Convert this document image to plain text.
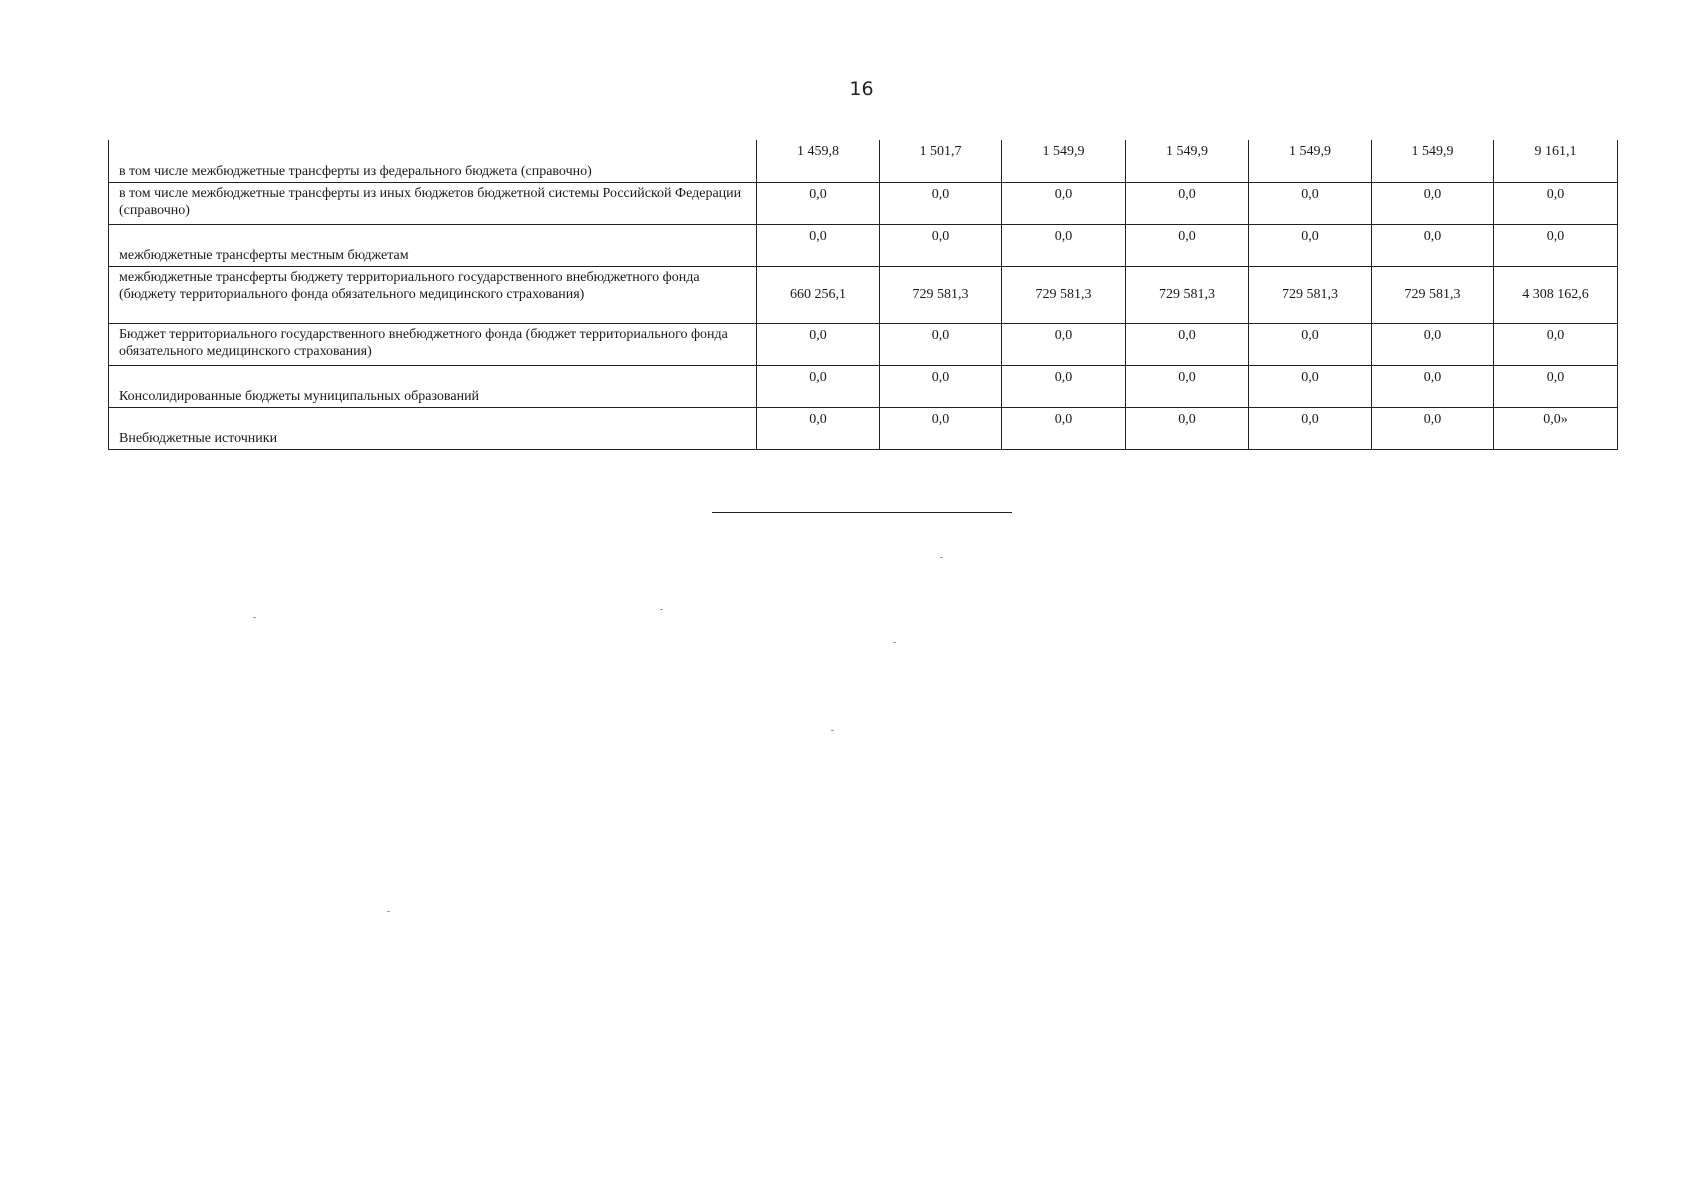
16
в том числе межбюджетные трансферты из федерального бюджета (справочно)	1 459,8	1 501,7	1 549,9	1 549,9	1 549,9	1 549,9	9 161,1
в том числе межбюджетные трансферты из иных бюджетов бюджетной системы Российской Федерации (справочно)	0,0	0,0	0,0	0,0	0,0	0,0	0,0
межбюджетные трансферты местным бюджетам	0,0	0,0	0,0	0,0	0,0	0,0	0,0
межбюджетные трансферты бюджету территориального государственного внебюджетного фонда (бюджету территориального фонда обязательного медицинского страхования)	660 256,1	729 581,3	729 581,3	729 581,3	729 581,3	729 581,3	4 308 162,6
Бюджет территориального государственного внебюджетного фонда (бюджет территориального фонда обязательного медицинского страхования)	0,0	0,0	0,0	0,0	0,0	0,0	0,0
Консолидированные бюджеты муниципальных образований	0,0	0,0	0,0	0,0	0,0	0,0	0,0
Внебюджетные источники	0,0	0,0	0,0	0,0	0,0	0,0	0,0»
